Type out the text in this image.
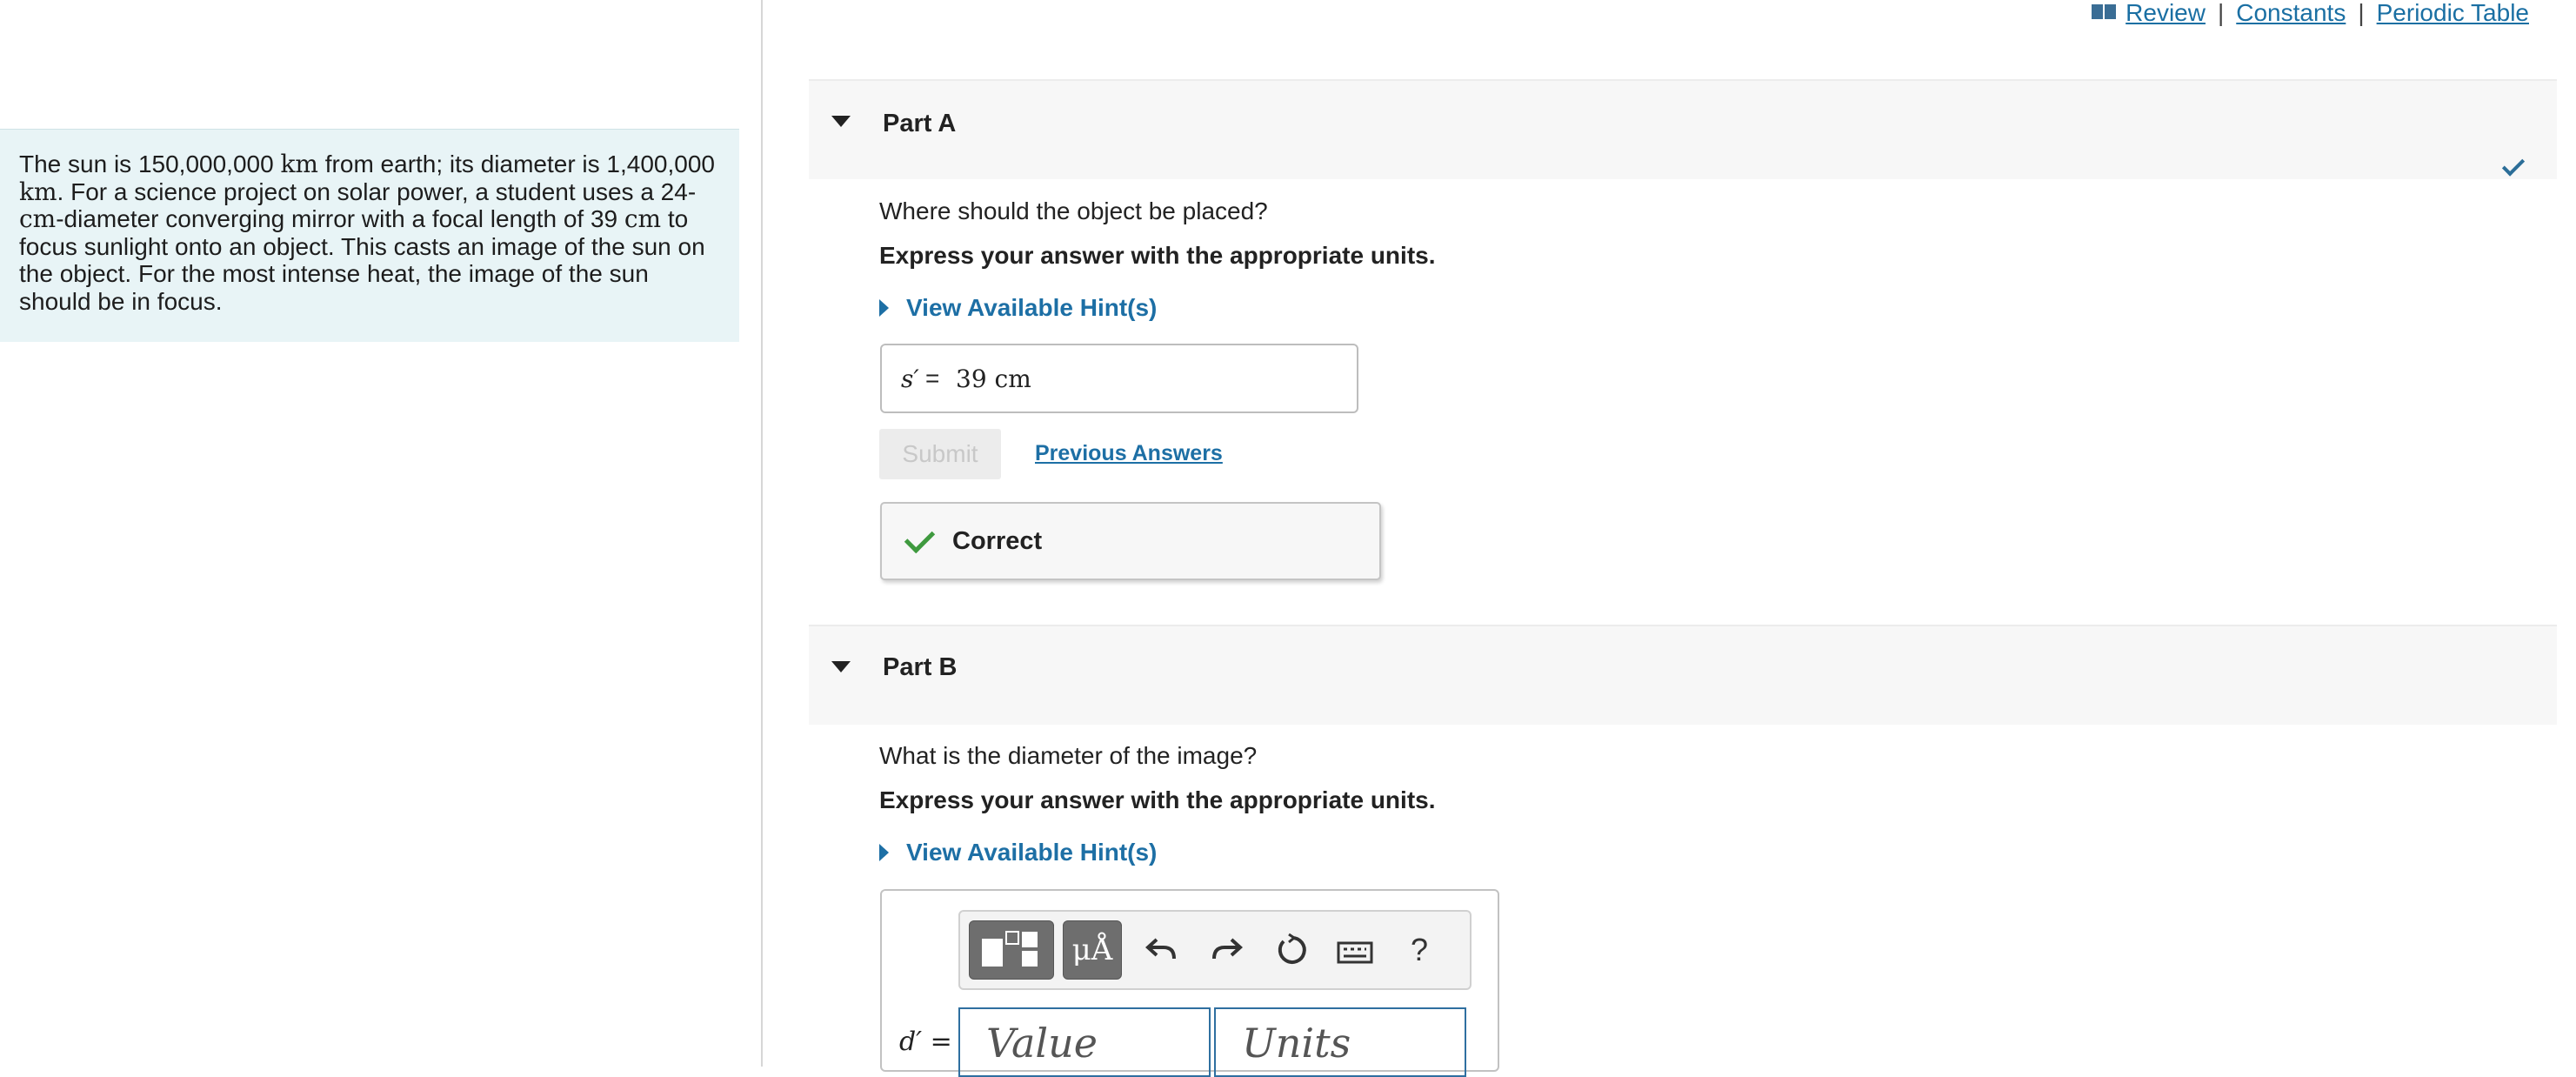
The sun is 150,000,000 km from earth; its diameter is 1,400,000 km. For a science project on solar power, a student uses a 24-cm-diameter converging mirror with a focal length of 39 cm to focus sunlight onto an object. This casts an image of the sun on the object. For the most intense heat, the image of the sun should be in focus.
Review | Constants | Periodic Table
Part A
Where should the object be placed?
Express your answer with the appropriate units.
View Available Hint(s)
s′ = 39 cm
Submit	Previous Answers
Correct
Part B
What is the diameter of the image?
Express your answer with the appropriate units.
View Available Hint(s)
μÅ	?
d′ = Value	Units
